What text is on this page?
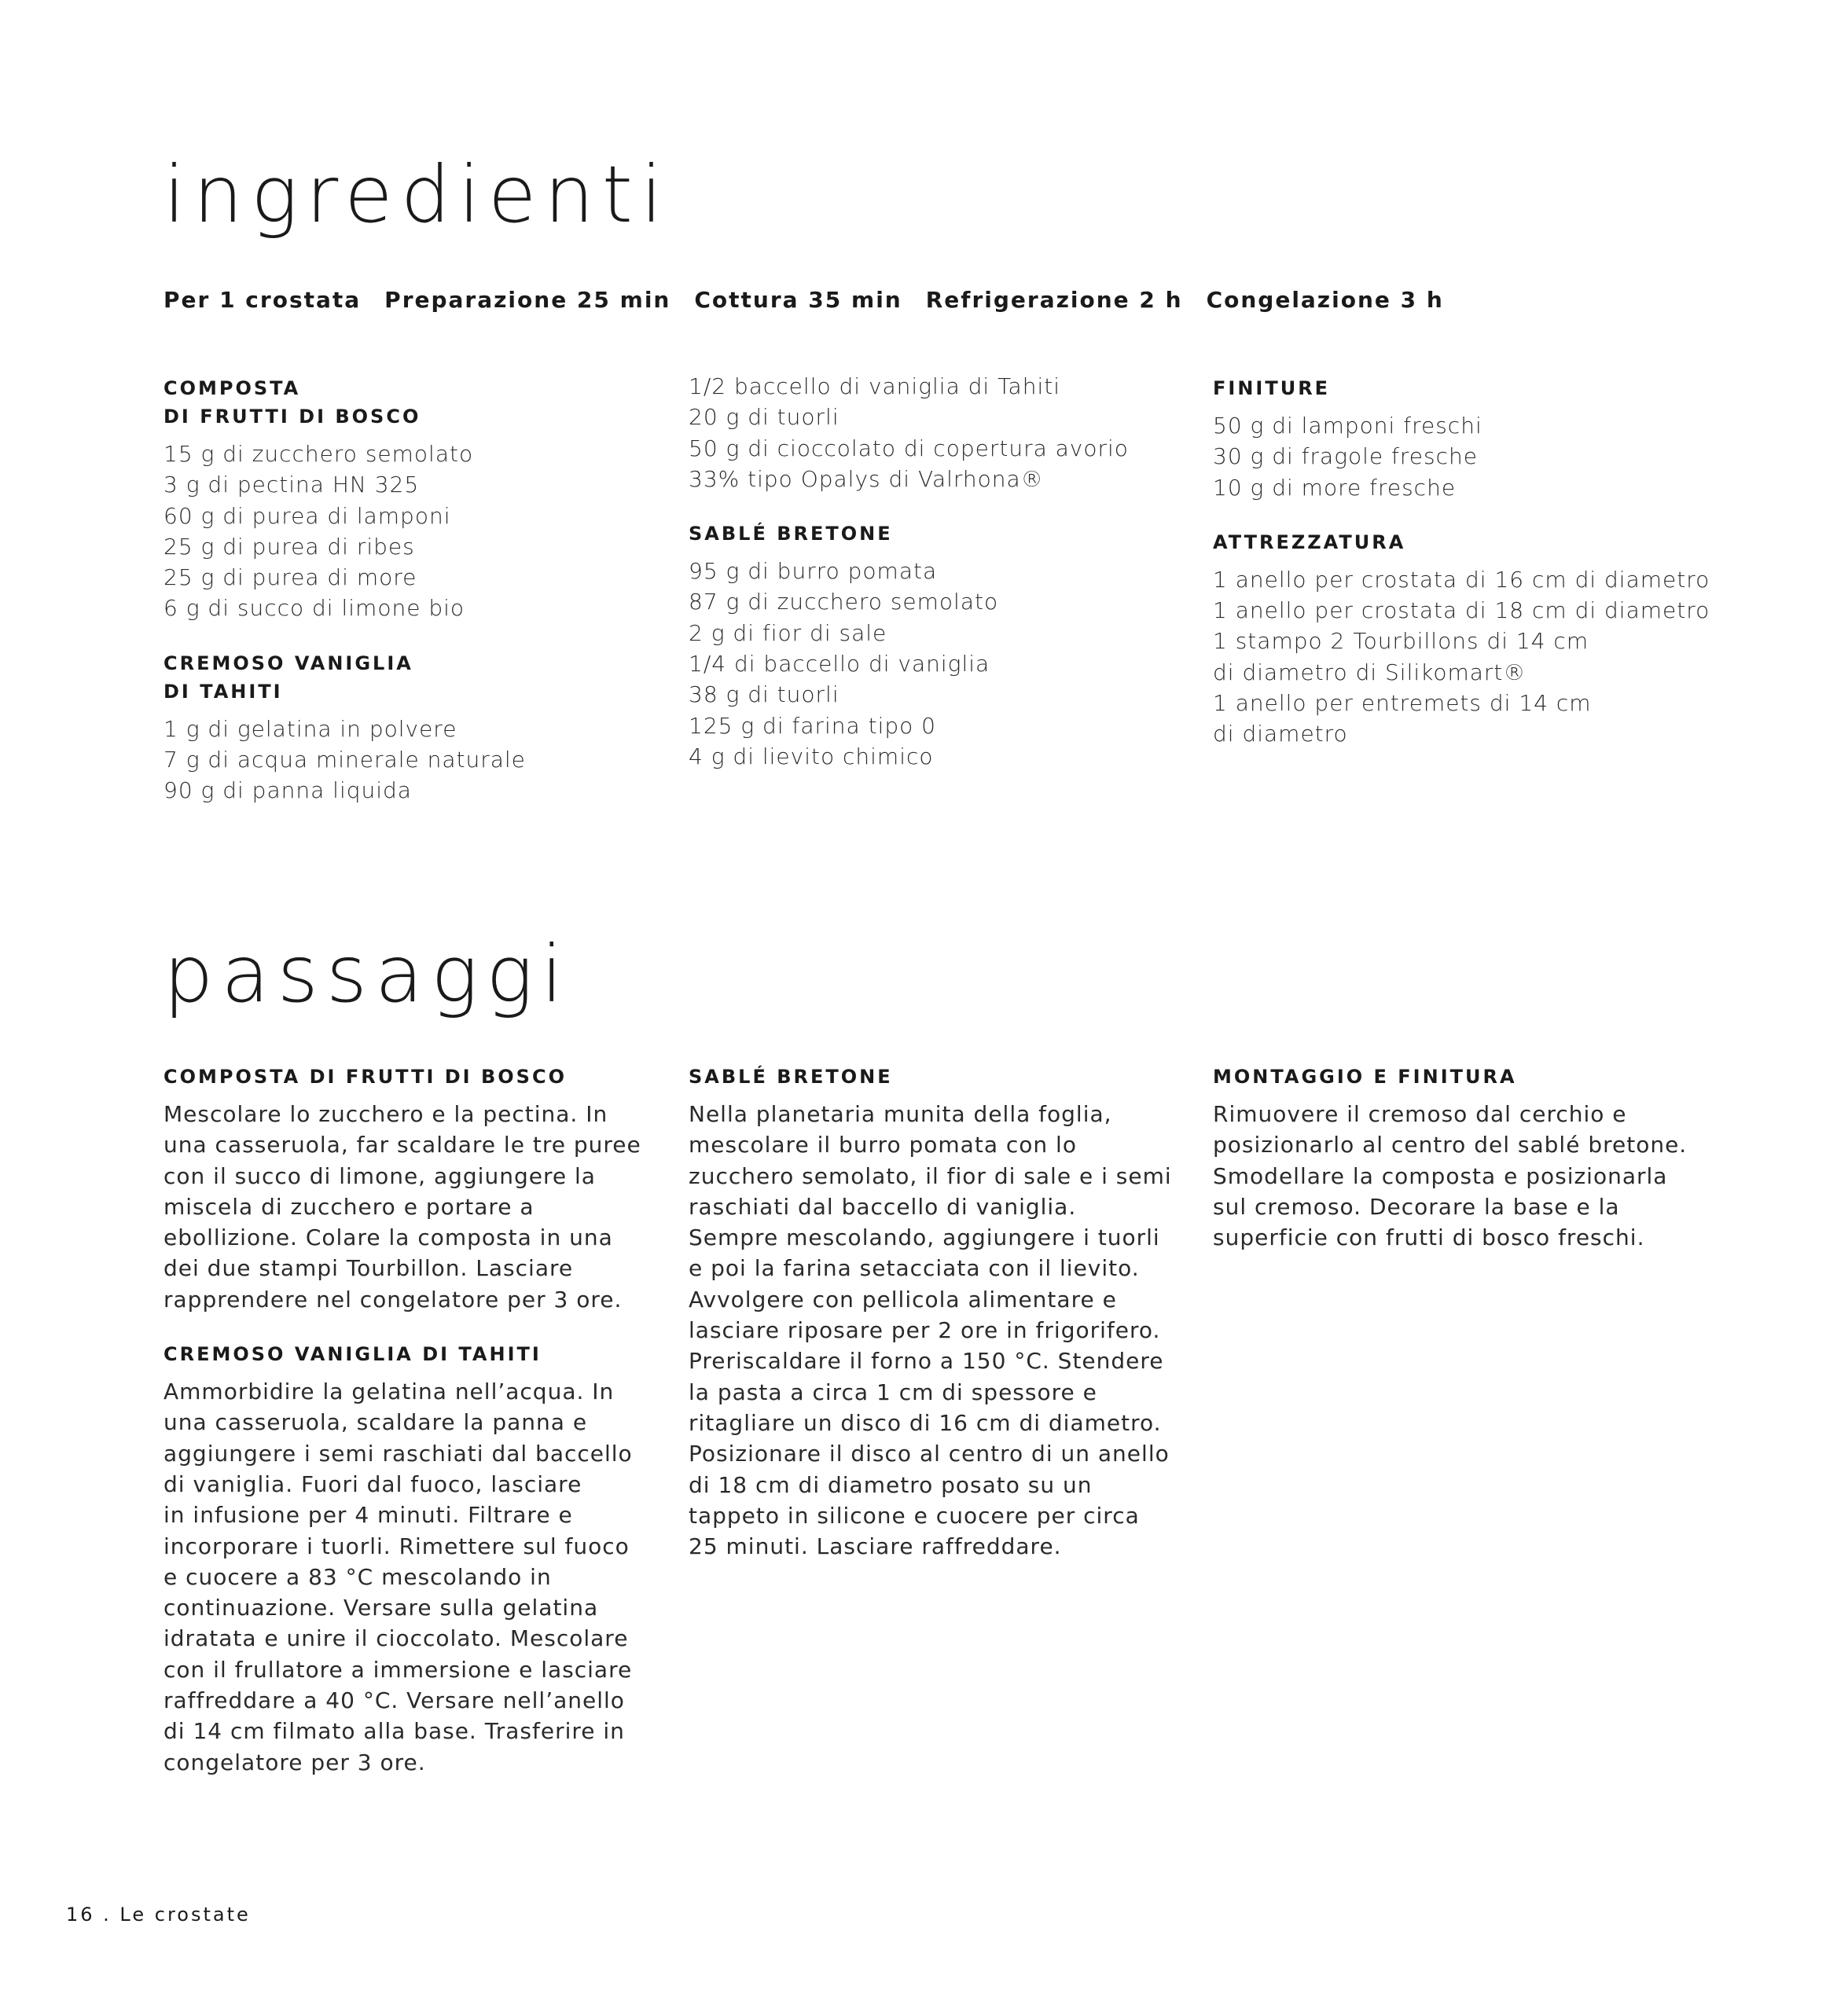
ingredienti
Per 1 crostata Preparazione 25 min Cottura 35 min Refrigerazione 2 h Congelazione 3 h
COMPOSTA
DI FRUTTI DI BOSCO
15 g di zucchero semolato
3 g di pectina HN 325
60 g di purea di lamponi
25 g di purea di ribes
25 g di purea di more
6 g di succo di limone bio
CREMOSO VANIGLIA
DI TAHITI
1 g di gelatina in polvere
7 g di acqua minerale naturale
90 g di panna liquida
1/2 baccello di vaniglia di Tahiti
20 g di tuorli
50 g di cioccolato di copertura avorio
33% tipo Opalys di Valrhona®
SABLÉ BRETONE
95 g di burro pomata
87 g di zucchero semolato
2 g di fior di sale
1/4 di baccello di vaniglia
38 g di tuorli
125 g di farina tipo 0
4 g di lievito chimico
FINITURE
50 g di lamponi freschi
30 g di fragole fresche
10 g di more fresche
ATTREZZATURA
1 anello per crostata di 16 cm di diametro
1 anello per crostata di 18 cm di diametro
1 stampo 2 Tourbillons di 14 cm
di diametro di Silikomart®
1 anello per entremets di 14 cm
di diametro
passaggi
COMPOSTA DI FRUTTI DI BOSCO

Mescolare lo zucchero e la pectina. In
una casseruola, far scaldare le tre puree
con il succo di limone, aggiungere la
miscela di zucchero e portare a
ebollizione. Colare la composta in una
dei due stampi Tourbillon. Lasciare
rapprendere nel congelatore per 3 ore.

CREMOSO VANIGLIA DI TAHITI

Ammorbidire la gelatina nell’acqua. In
una casseruola, scaldare la panna e
aggiungere i semi raschiati dal baccello
di vaniglia. Fuori dal fuoco, lasciare
in infusione per 4 minuti. Filtrare e
incorporare i tuorli. Rimettere sul fuoco
e cuocere a 83 °C mescolando in
continuazione. Versare sulla gelatina
idratata e unire il cioccolato. Mescolare
con il frullatore a immersione e lasciare
raffreddare a 40 °C. Versare nell’anello
di 14 cm filmato alla base. Trasferire in
congelatore per 3 ore.

SABLÉ BRETONE

Nella planetaria munita della foglia,
mescolare il burro pomata con lo
zucchero semolato, il fior di sale e i semi
raschiati dal baccello di vaniglia.
Sempre mescolando, aggiungere i tuorli
e poi la farina setacciata con il lievito.
Avvolgere con pellicola alimentare e
lasciare riposare per 2 ore in frigorifero.
Preriscaldare il forno a 150 °C. Stendere
la pasta a circa 1 cm di spessore e
ritagliare un disco di 16 cm di diametro.
Posizionare il disco al centro di un anello
di 18 cm di diametro posato su un
tappeto in silicone e cuocere per circa
25 minuti. Lasciare raffreddare.

MONTAGGIO E FINITURA

Rimuovere il cremoso dal cerchio e
posizionarlo al centro del sablé bretone.
Smodellare la composta e posizionarla
sul cremoso. Decorare la base e la
superficie con frutti di bosco freschi.

16 . Le crostate
